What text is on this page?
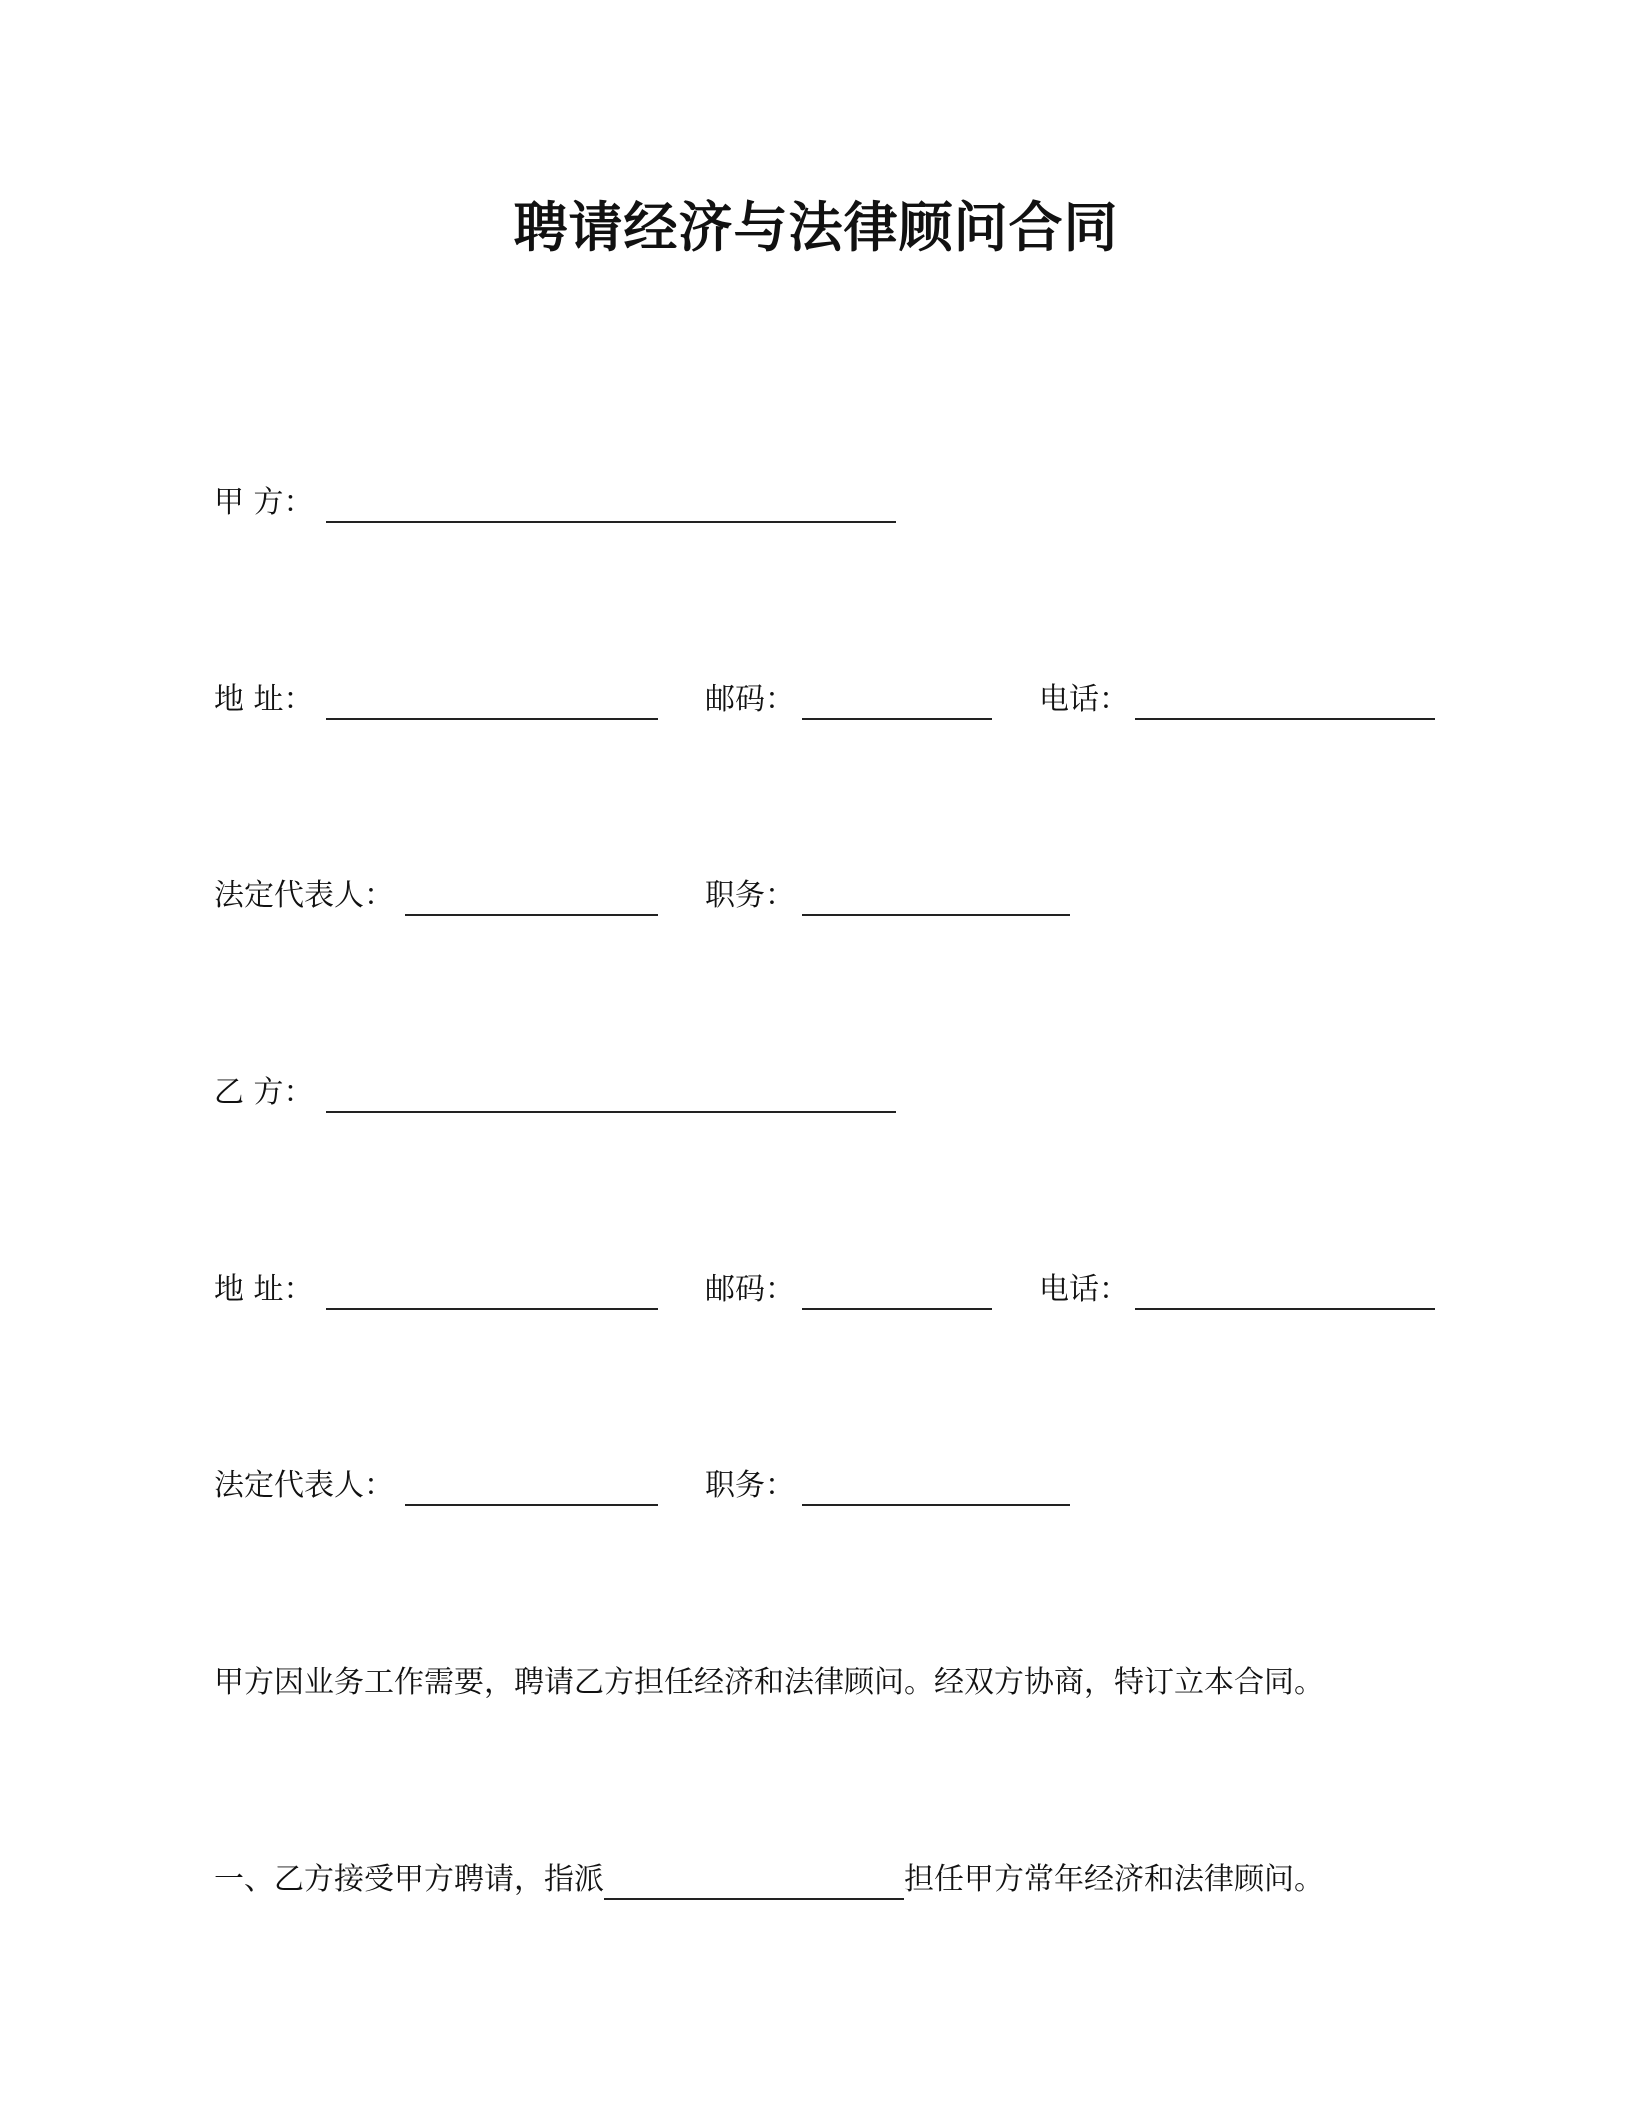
聘请经济与法律顾问合同
甲 方：
地 址：	邮码：	电话：
法定代表人：	职务：
乙 方：
地 址：	邮码：	电话：
法定代表人：	职务：
甲方因业务工作需要，聘请乙方担任经济和法律顾问。经双方协商，特订立本合同。
一、乙方接受甲方聘请，指派	担任甲方常年经济和法律顾问。
